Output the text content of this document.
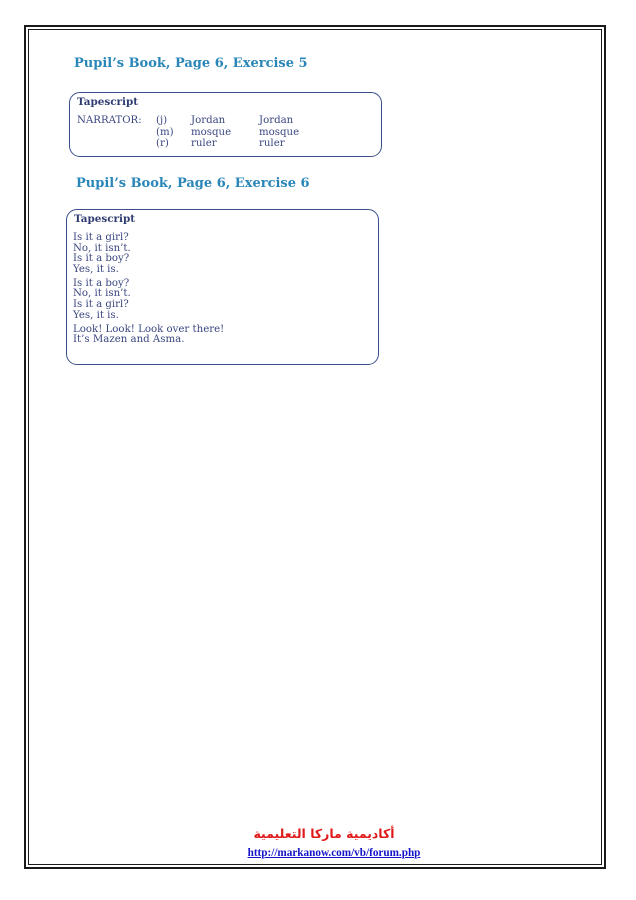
Pupil’s Book, Page 6, Exercise 5
Tapescript
NARRATOR: (j)
(m)
(r)
Jordan
mosque
ruler
Jordan
mosque
ruler
Pupil’s Book, Page 6, Exercise 6
Tapescript
Is it a girl?
No, it isn’t.
Is it a boy?
Yes, it is.
Is it a boy?
No, it isn’t.
Is it a girl?
Yes, it is.
Look! Look! Look over there!
It’s Mazen and Asma.
أكاديمية ماركا التعليمية
http://markanow.com/vb/forum.php
